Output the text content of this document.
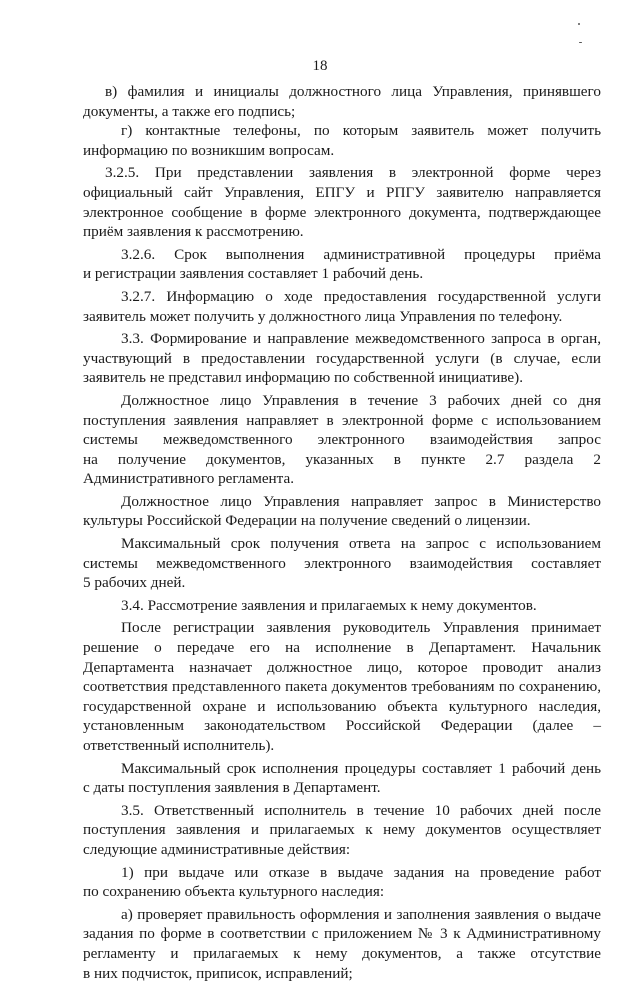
18
в) фамилия и инициалы должностного лица Управления, принявшего
документы, а также его подпись;
г) контактные телефоны, по которым заявитель может получить
информацию по возникшим вопросам.
3.2.5. При представлении заявления в электронной форме через
официальный сайт Управления, ЕПГУ и РПГУ заявителю направляется
электронное сообщение в форме электронного документа, подтверждающее
приём заявления к рассмотрению.
3.2.6. Срок выполнения административной процедуры приёма
и регистрации заявления составляет 1 рабочий день.
3.2.7. Информацию о ходе предоставления государственной услуги
заявитель может получить у должностного лица Управления по телефону.
3.3. Формирование и направление межведомственного запроса в орган,
участвующий в предоставлении государственной услуги (в случае, если
заявитель не представил информацию по собственной инициативе).
Должностное лицо Управления в течение 3 рабочих дней со дня
поступления заявления направляет в электронной форме с использованием
системы межведомственного электронного взаимодействия запрос
на получение документов, указанных в пункте 2.7 раздела 2
Административного регламента.
Должностное лицо Управления направляет запрос в Министерство
культуры Российской Федерации на получение сведений о лицензии.
Максимальный срок получения ответа на запрос с использованием
системы межведомственного электронного взаимодействия составляет
5 рабочих дней.
3.4. Рассмотрение заявления и прилагаемых к нему документов.
После регистрации заявления руководитель Управления принимает
решение о передаче его на исполнение в Департамент. Начальник
Департамента назначает должностное лицо, которое проводит анализ
соответствия представленного пакета документов требованиям по сохранению,
государственной охране и использованию объекта культурного наследия,
установленным законодательством Российской Федерации (далее –
ответственный исполнитель).
Максимальный срок исполнения процедуры составляет 1 рабочий день
с даты поступления заявления в Департамент.
3.5. Ответственный исполнитель в течение 10 рабочих дней после
поступления заявления и прилагаемых к нему документов осуществляет
следующие административные действия:
1) при выдаче или отказе в выдаче задания на проведение работ
по сохранению объекта культурного наследия:
а) проверяет правильность оформления и заполнения заявления о выдаче
задания по форме в соответствии с приложением № 3 к Административному
регламенту и прилагаемых к нему документов, а также отсутствие
в них подчисток, приписок, исправлений;
